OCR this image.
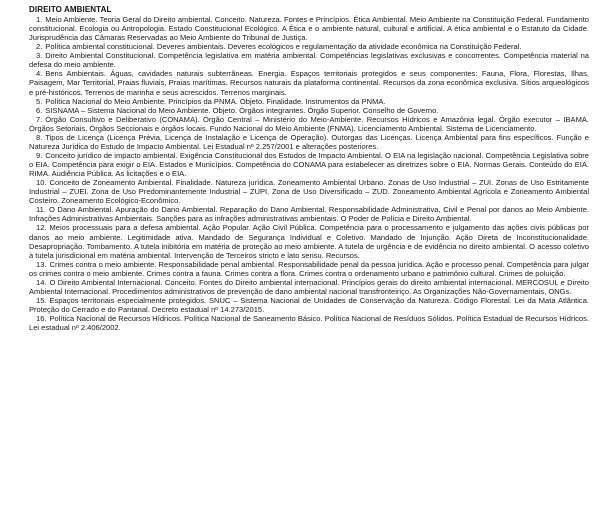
DIREITO AMBIENTAL

1. Meio Ambiente. Teoria Geral do Direito ambiental. Conceito. Natureza. Fontes e Princípios. Ética Ambiental. Meio Ambiente na Constituição Federal. Fundamento constitucional. Ecologia ou Antropologia. Estado Constitucional Ecológico. A Ética e o ambiente natural, cultural e artificial. A ética ambiental e o Estatuto da Cidade. Jurisprudência das Câmaras Reservadas ao Meio Ambiente do Tribunal de Justiça.

2. Política ambiental constitucional. Deveres ambientais. Deveres ecológicos e regulamentação da atividade econômica na Constituição Federal.

3. Direito Ambiental Constitucional. Competência legislativa em matéria ambiental. Competências legislativas exclusivas e concorrentes. Competência material na defesa do meio ambiente.

4. Bens Ambientais. Águas, cavidades naturais subterrâneas. Energia. Espaços territoriais protegidos e seus componentes: Fauna, Flora, Florestas, Ilhas, Paisagem, Mar Territorial, Praias fluviais, Praias marítimas. Recursos naturais da plataforma continental. Recursos da zona econômica exclusiva. Sítios arqueológicos e pré-históricos. Terrenos de marinha e seus acrescidos. Terrenos marginais.

5. Política Nacional do Meio Ambiente. Princípios da PNMA. Objeto. Finalidade. Instrumentos da PNMA.

6. SISNAMA – Sistema Nacional do Meio Ambiente. Objeto. Órgãos integrantes. Órgão Superior. Conselho de Governo.

7. Órgão Consultivo e Deliberativo (CONAMA). Órgão Central – Ministério do Meio-Ambiente. Recursos Hídricos e Amazônia legal. Órgão executor – IBAMA. Órgãos Setoriais. Órgãos Seccionais e órgãos locais. Fundo Nacional do Meio Ambiente (FNMA). Licenciamento Ambiental. Sistema de Licenciamento.

8. Tipos de Licença (Licença Prévia, Licença de Instalação e Licença de Operação). Outorgas das Licenças. Licença Ambiental para fins específicos. Função e Natureza Jurídica do Estudo de Impacto Ambiental. Lei Estadual nº 2.257/2001 e alterações posteriores.

9. Conceito jurídico de impacto ambiental. Exigência Constitucional dos Estudos de Impacto Ambiental. O EIA na legislação nacional. Competência Legislativa sobre o EIA. Competência para exigir o EIA. Estados e Municípios. Competência do CONAMA para estabelecer as diretrizes sobre o EIA. Normas Gerais. Conteúdo do EIA. RIMA. Audiência Pública. As licitações e o EIA.

10. Conceito de Zoneamento Ambiental. Finalidade. Natureza jurídica. Zoneamento Ambiental Urbano. Zonas de Uso Industrial – ZUI. Zonas de Uso Estritamente Industrial – ZUEI. Zona de Uso Predominantemente Industrial – ZUPI. Zona de Uso Diversificado – ZUD. Zoneamento Ambiental Agrícola e Zoneamento Ambiental Costeiro. Zoneamento Ecológico-Econômico.

11. O Dano Ambiental. Apuração do Dano Ambiental. Reparação do Dano Ambiental. Responsabilidade Administrativa, Civil e Penal por danos ao Meio Ambiente. Infrações Administrativas Ambientais. Sanções para as infrações administrativas ambientais. O Poder de Polícia e Direito Ambiental.

12. Meios processuais para a defesa ambiental. Ação Popular. Ação Civil Pública. Competência para o processamento e julgamento das ações civis públicas por danos ao meio ambiente. Legitimidade ativa. Mandado de Segurança Individual e Coletivo. Mandado de Injunção. Ação Direta de Inconstitucionalidade. Desapropriação. Tombamento. A tutela inibitória em matéria de proteção ao meio ambiente. A tutela de urgência e de evidência no direito ambiental. O acesso coletivo à tutela jurisdicional em matéria ambiental. Intervenção de Terceiros stricto e lato sensu. Recursos.

13. Crimes contra o meio ambiente. Responsabilidade penal ambiental. Responsabilidade penal da pessoa jurídica. Ação e processo penal. Competência para julgar os crimes contra o meio ambiente. Crimes contra a fauna. Crimes contra a flora. Crimes contra o ordenamento urbano e patrimônio cultural. Crimes de poluição.

14. O Direito Ambiental Internacional. Conceito. Fontes do Direito ambiental internacional. Princípios gerais do direito ambiental internacional. MERCOSUL e Direito Ambiental Internacional. Procedimentos administrativos de prevenção de dano ambiental nacional transfronteiriço. As Organizações Não-Governamentais, ONGs.

15. Espaços territoriais especialmente protegidos. SNUC – Sistema Nacional de Unidades de Conservação da Natureza. Código Florestal. Lei da Mata Atlântica. Proteção do Cerrado e do Pantanal. Decreto estadual nº 14.273/2015.

16. Política Nacional de Recursos Hídricos. Política Nacional de Saneamento Básico. Política Nacional de Resíduos Sólidos. Política Estadual de Recursos Hídricos. Lei estadual nº 2.406/2002.
